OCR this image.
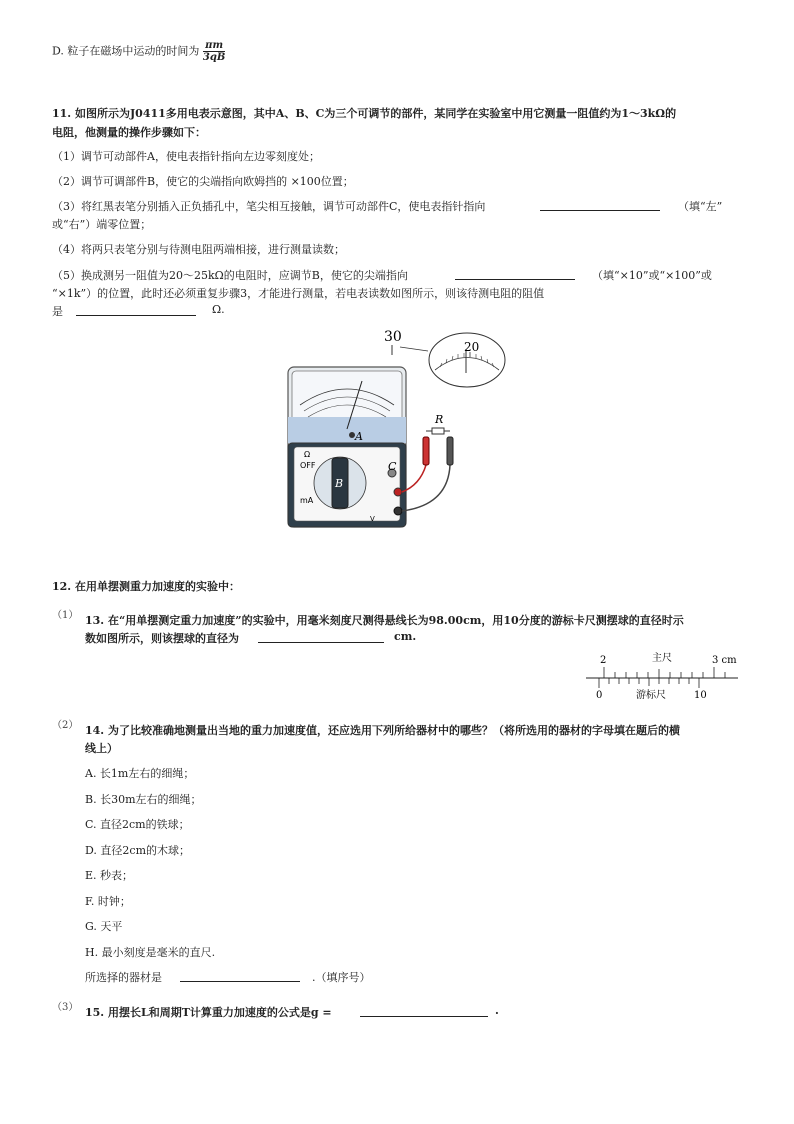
D. 粒子在磁场中运动的时间为 $\frac{\pi m}{3qB}$
11. 如图所示为J0411多用电表示意图，其中A、B、C为三个可调节的部件，某同学在实验室中用它测量一阻值约为1～3kΩ的
电阻，他测量的操作步骤如下：
（1）调节可动部件A，使电表指针指向左边零刻度处；
（2）调节可调部件B，使它的尖端指向欧姆挡的 ×100位置；
（3）将红黑表笔分别插入正负插孔中，笔尖相互接触，调节可动部件C，使电表指针指向	（填“左”
或“右”）端零位置；
（4）将两只表笔分别与待测电阻两端相接，进行测量读数；
（5）换成测另一阻值为20～25kΩ的电阻时，应调节B，使它的尖端指向	（填“×10”或“×100”或
“×1k”）的位置，此时还必须重复步骤3，才能进行测量，若电表读数如图所示，则该待测电阻的阻值
是	Ω.
30
20
A
B
Ω
OFF
mA
V
C
R
12. 在用单摆测重力加速度的实验中：
（1） 13. 在“用单摆测定重力加速度”的实验中，用毫米刻度尺测得悬线长为98.00cm，用10分度的游标卡尺测摆球的直径时示
数如图所示，则该摆球的直径为	cm.
2	主尺	3 cm
0	游标尺	10
（2） 14. 为了比较准确地测量出当地的重力加速度值，还应选用下列所给器材中的哪些？（将所选用的器材的字母填在题后的横
线上）
A. 长1m左右的细绳；
B. 长30m左右的细绳；
C. 直径2cm的铁球；
D. 直径2cm的木球；
E. 秒表；
F. 时钟；
G. 天平
H. 最小刻度是毫米的直尺.
所选择的器材是	.（填序号）
（3） 15. 用摆长L和周期T计算重力加速度的公式是g =	.
